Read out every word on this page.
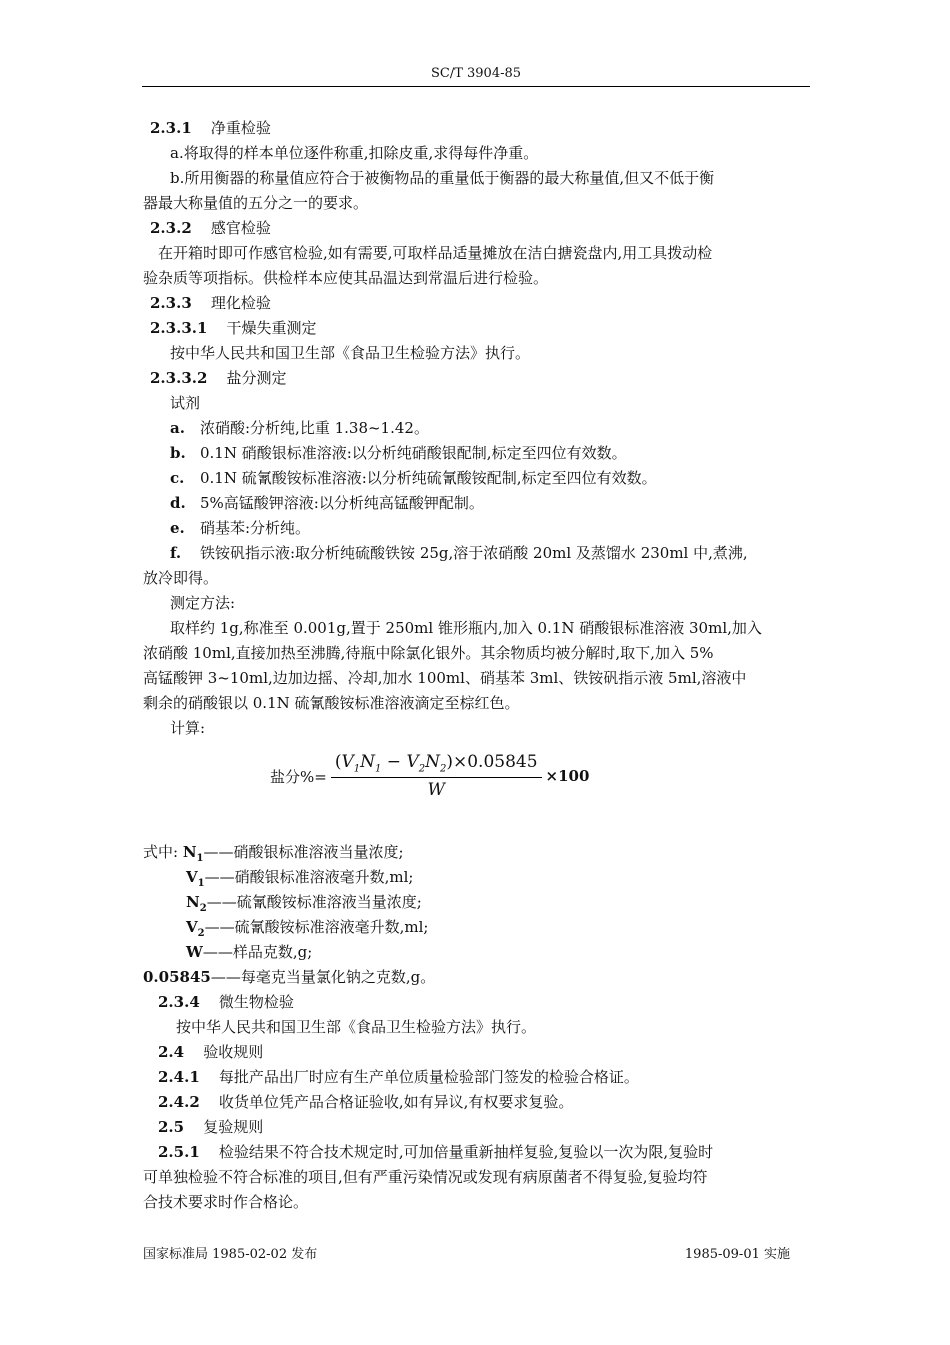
SC/T 3904-85
2.3.1 净重检验
a.将取得的样本单位逐件称重,扣除皮重,求得每件净重。
b.所用衡器的称量值应符合于被衡物品的重量低于衡器的最大称量值,但又不低于衡
器最大称量值的五分之一的要求。
2.3.2 感官检验
在开箱时即可作感官检验,如有需要,可取样品适量摊放在洁白搪瓷盘内,用工具拨动检
验杂质等项指标。供检样本应使其品温达到常温后进行检验。
2.3.3 理化检验
2.3.3.1 干燥失重测定
按中华人民共和国卫生部《食品卫生检验方法》执行。
2.3.3.2 盐分测定
试剂
a. 浓硝酸:分析纯,比重 1.38~1.42。
b. 0.1N 硝酸银标准溶液:以分析纯硝酸银配制,标定至四位有效数。
c. 0.1N 硫氰酸铵标准溶液:以分析纯硫氰酸铵配制,标定至四位有效数。
d. 5%高锰酸钾溶液:以分析纯高锰酸钾配制。
e. 硝基苯:分析纯。
f. 铁铵矾指示液:取分析纯硫酸铁铵 25g,溶于浓硝酸 20ml 及蒸馏水 230ml 中,煮沸,
放冷即得。
测定方法:
取样约 1g,称准至 0.001g,置于 250ml 锥形瓶内,加入 0.1N 硝酸银标准溶液 30ml,加入
浓硝酸 10ml,直接加热至沸腾,待瓶中除氯化银外。其余物质均被分解时,取下,加入 5%
高锰酸钾 3~10ml,边加边摇、冷却,加水 100ml、硝基苯 3ml、铁铵矾指示液 5ml,溶液中
剩余的硝酸银以 0.1N 硫氰酸铵标准溶液滴定至棕红色。
计算:
盐分%= $\frac{(V_1N_1 - V_2N_2)\times 0.05845}{W} \times 100$
式中: $N_1——$硝酸银标准溶液当量浓度;
$V_1——$硝酸银标准溶液毫升数,ml;
$N_2——$硫氰酸铵标准溶液当量浓度;
$V_2——$硫氰酸铵标准溶液毫升数,ml;
W——样品克数,g;
0.05845——每毫克当量氯化钠之克数,g。
2.3.4 微生物检验
按中华人民共和国卫生部《食品卫生检验方法》执行。
2.4 验收规则
2.4.1 每批产品出厂时应有生产单位质量检验部门签发的检验合格证。
2.4.2 收货单位凭产品合格证验收,如有异议,有权要求复验。
2.5 复验规则
2.5.1 检验结果不符合技术规定时,可加倍量重新抽样复验,复验以一次为限,复验时
可单独检验不符合标准的项目,但有严重污染情况或发现有病原菌者不得复验,复验均符
合技术要求时作合格论。
国家标准局 1985-02-02 发布	1985-09-01 实施
